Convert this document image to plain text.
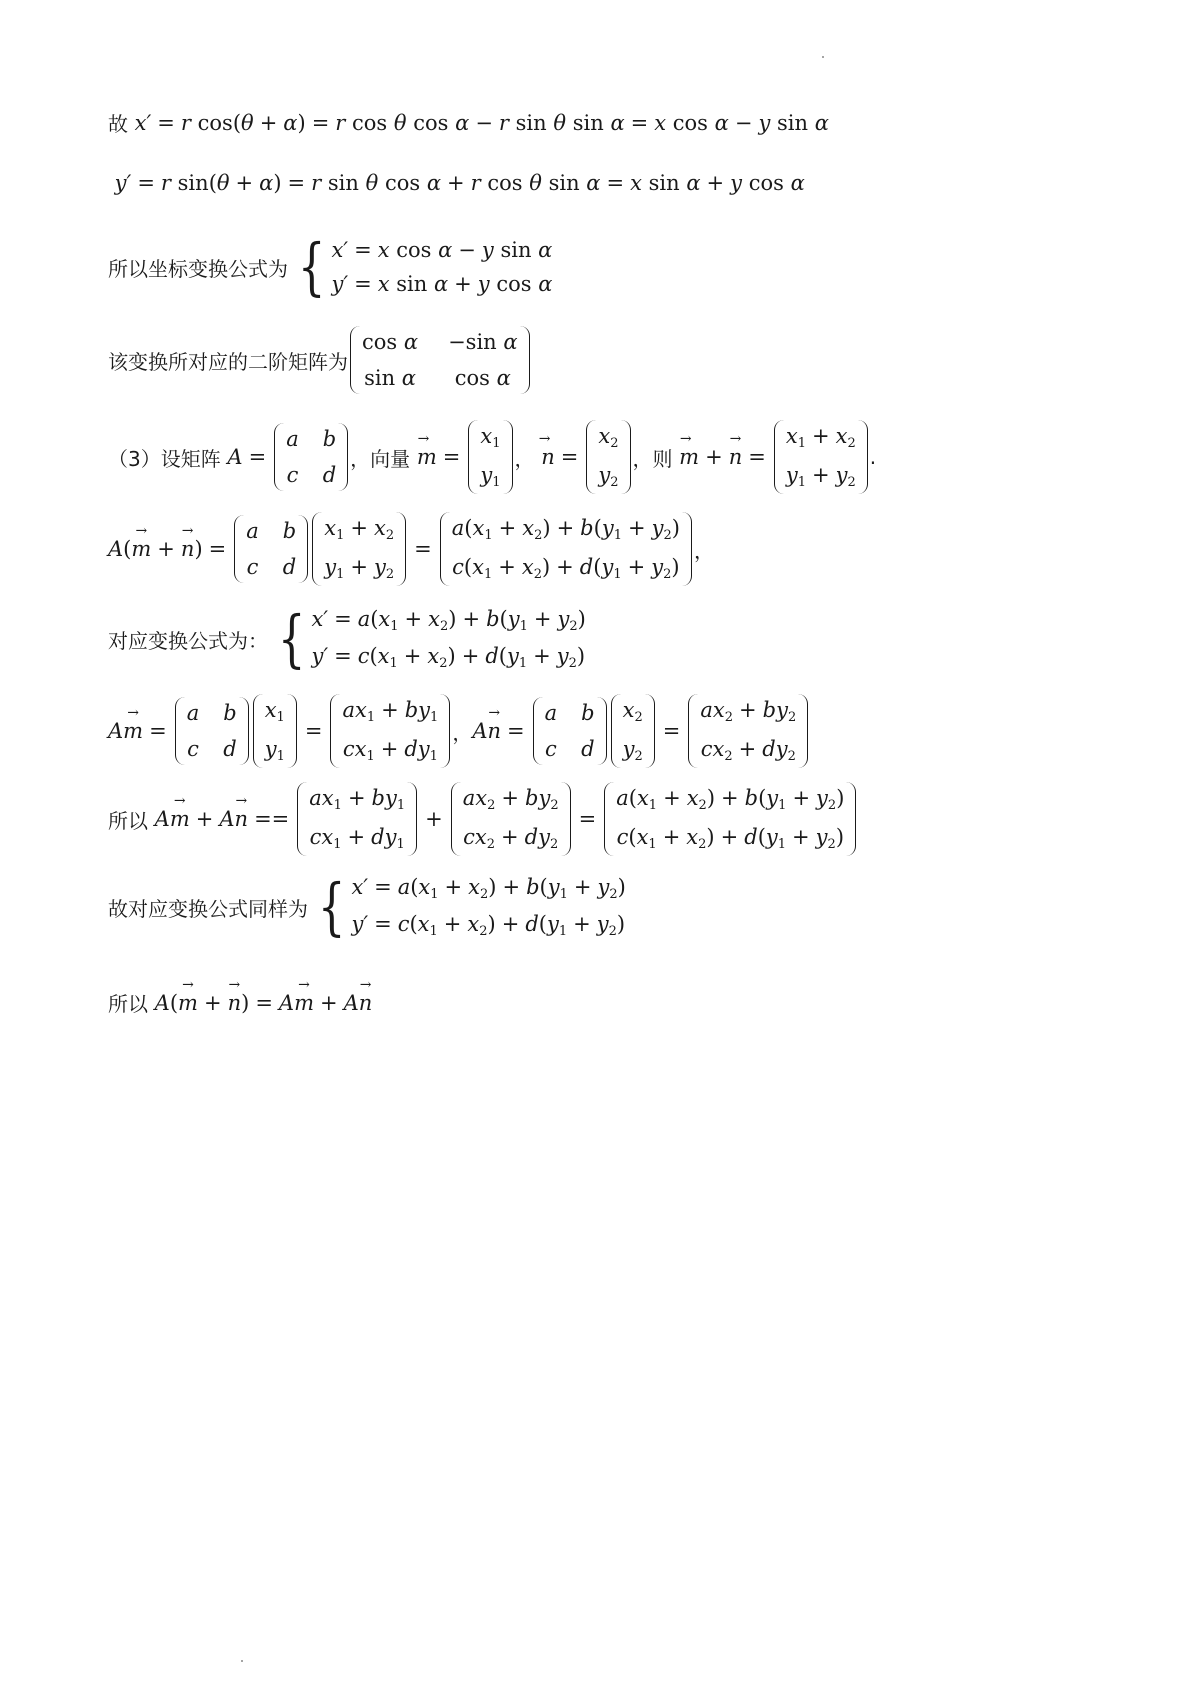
故 x′ = r
cos ( θ + α ) = r
cos
θ
cos
α − r
sin
θ
sin
α = x
cos
α − y
sin
α
y′ = r
sin ( θ + α ) = r
sin
θ
cos
α + r
cos
θ
sin
α = x
sin
α + y
cos
α
所以坐标变换公式为 { x′ = x cos α − y sin α
y′ = x sin α + y cos α
该变换所对应的二阶矩阵为
cos α −sin α
sin α cos α
（3）设矩阵 A =
a b
c d
， 向量 →  m =
$x_1$
$y_1$
， →  n =
$x_2$
$y_2$
， 则 →  m + → n =
$x_1 + x_2$
$y_1 + y_2$
.
A ( → m + → n ) =
a b
c d
$x_1 + x_2$
$y_1 + y_2$
=
$a(x_1 + x_2) + b(y_1 + y_2)$
$c(x_1 + x_2) + d(y_1 + y_2)$
，
对应变换公式为： { $x' = a(x_1 + x_2) + b(y_1 + y_2)$
$y' = c(x_1 + x_2) + d(y_1 + y_2)$
A → m =
a b
c d
$x_1$
$y_1$
=
$ax_1 + by_1$
$cx_1 + dy_1$
， A → n =
a b
c d
$x_2$
$y_2$
=
$ax_2 + by_2$
$cx_2 + dy_2$
所以 A → m + A → n ==
$ax_1 + by_1$
$cx_1 + dy_1$
+
$ax_2 + by_2$
$cx_2 + dy_2$
=
$a(x_1 + x_2) + b(y_1 + y_2)$
$c(x_1 + x_2) + d(y_1 + y_2)$
故对应变换公式同样为 { $x' = a(x_1 + x_2) + b(y_1 + y_2)$
$y' = c(x_1 + x_2) + d(y_1 + y_2)$
所以 A ( → m + → n ) = A → m + A → n
